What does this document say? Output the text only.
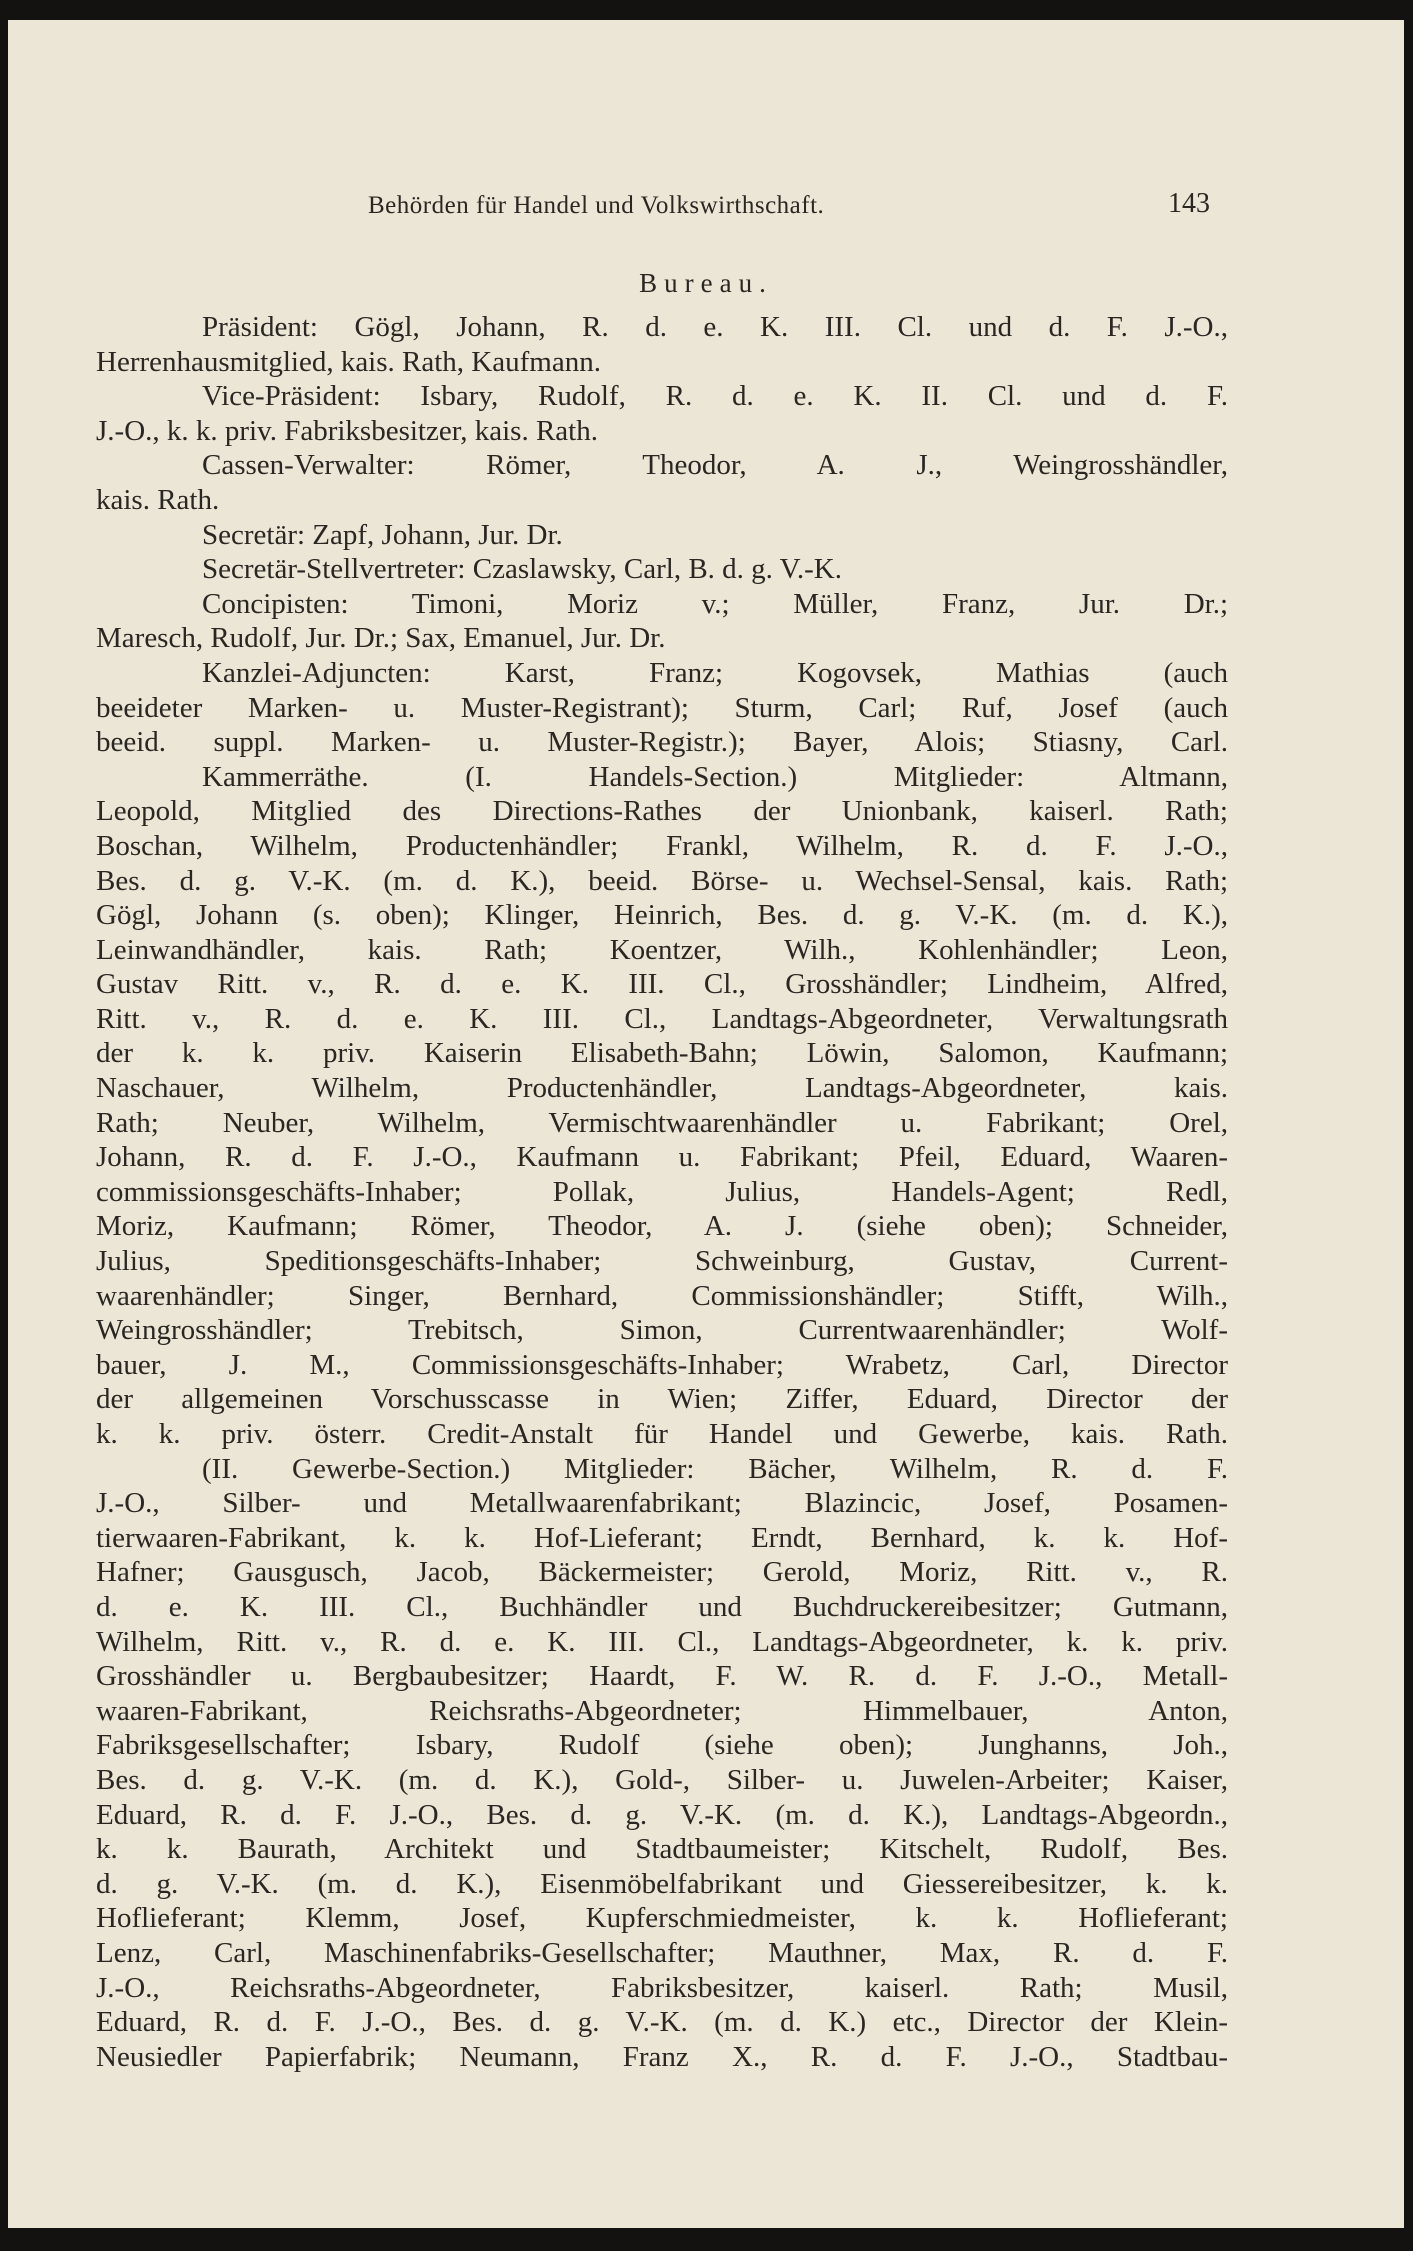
Behörden für Handel und Volkswirthschaft.	143
Bureau.
Präsident: Gögl, Johann, R. d. e. K. III. Cl. und d. F. J.-O.,
Herrenhausmitglied, kais. Rath, Kaufmann.
Vice-Präsident: Isbary, Rudolf, R. d. e. K. II. Cl. und d. F.
J.-O., k. k. priv. Fabriksbesitzer, kais. Rath.
Cassen-Verwalter: Römer, Theodor, A. J., Weingrosshändler,
kais. Rath.
Secretär: Zapf, Johann, Jur. Dr.
Secretär-Stellvertreter: Czaslawsky, Carl, B. d. g. V.-K.
Concipisten: Timoni, Moriz v.; Müller, Franz, Jur. Dr.;
Maresch, Rudolf, Jur. Dr.; Sax, Emanuel, Jur. Dr.
Kanzlei-Adjuncten: Karst, Franz; Kogovsek, Mathias (auch
beeideter Marken- u. Muster-Registrant); Sturm, Carl; Ruf, Josef (auch
beeid. suppl. Marken- u. Muster-Registr.); Bayer, Alois; Stiasny, Carl.
Kammerräthe. (I. Handels-Section.) Mitglieder: Altmann,
Leopold, Mitglied des Directions-Rathes der Unionbank, kaiserl. Rath;
Boschan, Wilhelm, Productenhändler; Frankl, Wilhelm, R. d. F. J.-O.,
Bes. d. g. V.-K. (m. d. K.), beeid. Börse- u. Wechsel-Sensal, kais. Rath;
Gögl, Johann (s. oben); Klinger, Heinrich, Bes. d. g. V.-K. (m. d. K.),
Leinwandhändler, kais. Rath; Koentzer, Wilh., Kohlenhändler; Leon,
Gustav Ritt. v., R. d. e. K. III. Cl., Grosshändler; Lindheim, Alfred,
Ritt. v., R. d. e. K. III. Cl., Landtags-Abgeordneter, Verwaltungsrath
der k. k. priv. Kaiserin Elisabeth-Bahn; Löwin, Salomon, Kaufmann;
Naschauer, Wilhelm, Productenhändler, Landtags-Abgeordneter, kais.
Rath; Neuber, Wilhelm, Vermischtwaarenhändler u. Fabrikant; Orel,
Johann, R. d. F. J.-O., Kaufmann u. Fabrikant; Pfeil, Eduard, Waaren-
commissionsgeschäfts-Inhaber; Pollak, Julius, Handels-Agent; Redl,
Moriz, Kaufmann; Römer, Theodor, A. J. (siehe oben); Schneider,
Julius, Speditionsgeschäfts-Inhaber; Schweinburg, Gustav, Current-
waarenhändler; Singer, Bernhard, Commissionshändler; Stifft, Wilh.,
Weingrosshändler; Trebitsch, Simon, Currentwaarenhändler; Wolf-
bauer, J. M., Commissionsgeschäfts-Inhaber; Wrabetz, Carl, Director
der allgemeinen Vorschusscasse in Wien; Ziffer, Eduard, Director der
k. k. priv. österr. Credit-Anstalt für Handel und Gewerbe, kais. Rath.
(II. Gewerbe-Section.) Mitglieder: Bächer, Wilhelm, R. d. F.
J.-O., Silber- und Metallwaarenfabrikant; Blazincic, Josef, Posamen-
tierwaaren-Fabrikant, k. k. Hof-Lieferant; Erndt, Bernhard, k. k. Hof-
Hafner; Gausgusch, Jacob, Bäckermeister; Gerold, Moriz, Ritt. v., R.
d. e. K. III. Cl., Buchhändler und Buchdruckereibesitzer; Gutmann,
Wilhelm, Ritt. v., R. d. e. K. III. Cl., Landtags-Abgeordneter, k. k. priv.
Grosshändler u. Bergbaubesitzer; Haardt, F. W. R. d. F. J.-O., Metall-
waaren-Fabrikant, Reichsraths-Abgeordneter; Himmelbauer, Anton,
Fabriksgesellschafter; Isbary, Rudolf (siehe oben); Junghanns, Joh.,
Bes. d. g. V.-K. (m. d. K.), Gold-, Silber- u. Juwelen-Arbeiter; Kaiser,
Eduard, R. d. F. J.-O., Bes. d. g. V.-K. (m. d. K.), Landtags-Abgeordn.,
k. k. Baurath, Architekt und Stadtbaumeister; Kitschelt, Rudolf, Bes.
d. g. V.-K. (m. d. K.), Eisenmöbelfabrikant und Giessereibesitzer, k. k.
Hoflieferant; Klemm, Josef, Kupferschmiedmeister, k. k. Hoflieferant;
Lenz, Carl, Maschinenfabriks-Gesellschafter; Mauthner, Max, R. d. F.
J.-O., Reichsraths-Abgeordneter, Fabriksbesitzer, kaiserl. Rath; Musil,
Eduard, R. d. F. J.-O., Bes. d. g. V.-K. (m. d. K.) etc., Director der Klein-
Neusiedler Papierfabrik; Neumann, Franz X., R. d. F. J.-O., Stadtbau-
